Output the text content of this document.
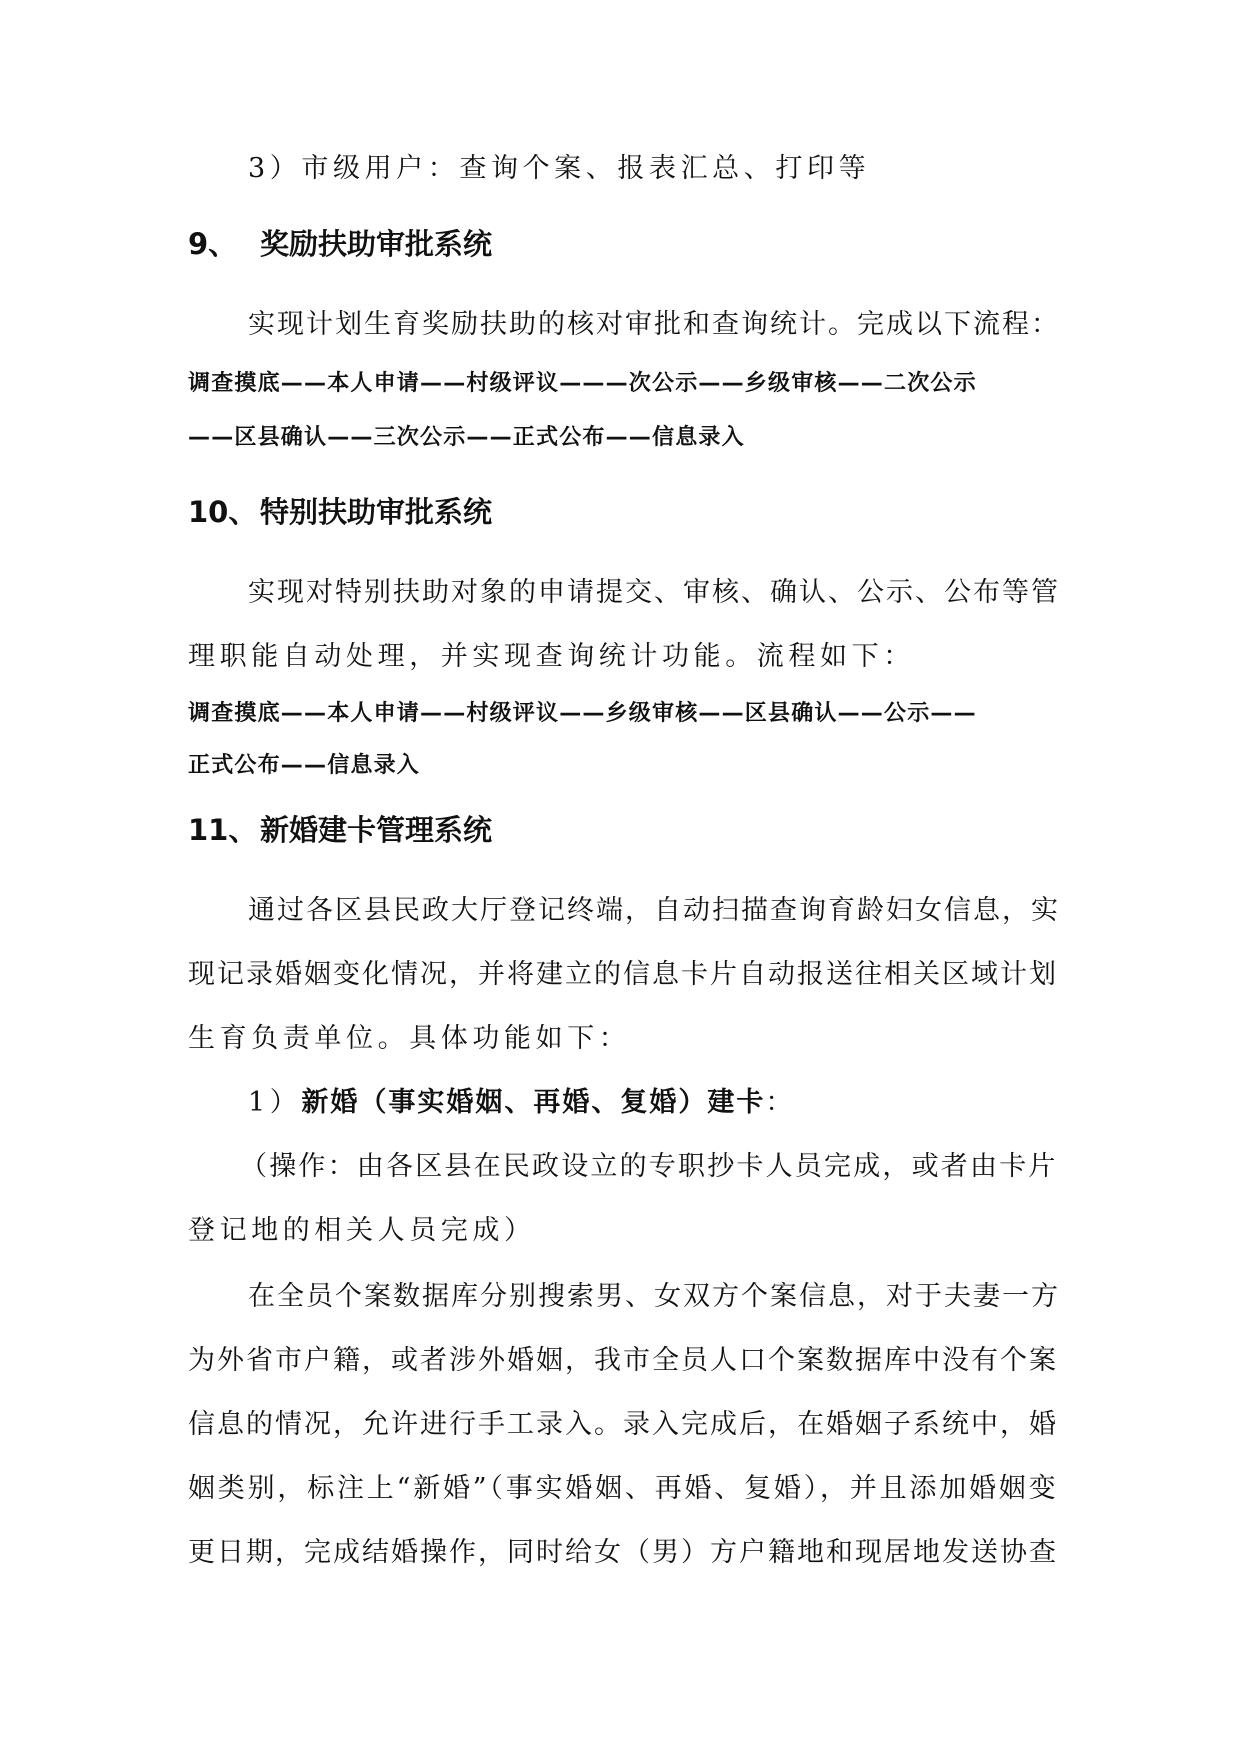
3）市级用户：查询个案、报表汇总、打印等
9、 奖励扶助审批系统
实现计划生育奖励扶助的核对审批和查询统计。完成以下流程：
调查摸底——本人申请——村级评议———次公示——乡级审核——二次公示
——区县确认——三次公示——正式公布——信息录入
10、特别扶助审批系统
实现对特别扶助对象的申请提交、审核、确认、公示、公布等管
理职能自动处理，并实现查询统计功能。流程如下：
调查摸底——本人申请——村级评议——乡级审核——区县确认——公示——
正式公布——信息录入
11、新婚建卡管理系统
通过各区县民政大厅登记终端，自动扫描查询育龄妇女信息，实
现记录婚姻变化情况，并将建立的信息卡片自动报送往相关区域计划
生育负责单位。具体功能如下：
1）新婚（事实婚姻、再婚、复婚）建卡：
（操作：由各区县在民政设立的专职抄卡人员完成，或者由卡片
登记地的相关人员完成）
在全员个案数据库分别搜索男、女双方个案信息，对于夫妻一方
为外省市户籍，或者涉外婚姻，我市全员人口个案数据库中没有个案
信息的情况，允许进行手工录入。录入完成后，在婚姻子系统中，婚
姻类别，标注上“新婚”（事实婚姻、再婚、复婚），并且添加婚姻变
更日期，完成结婚操作，同时给女（男）方户籍地和现居地发送协查
